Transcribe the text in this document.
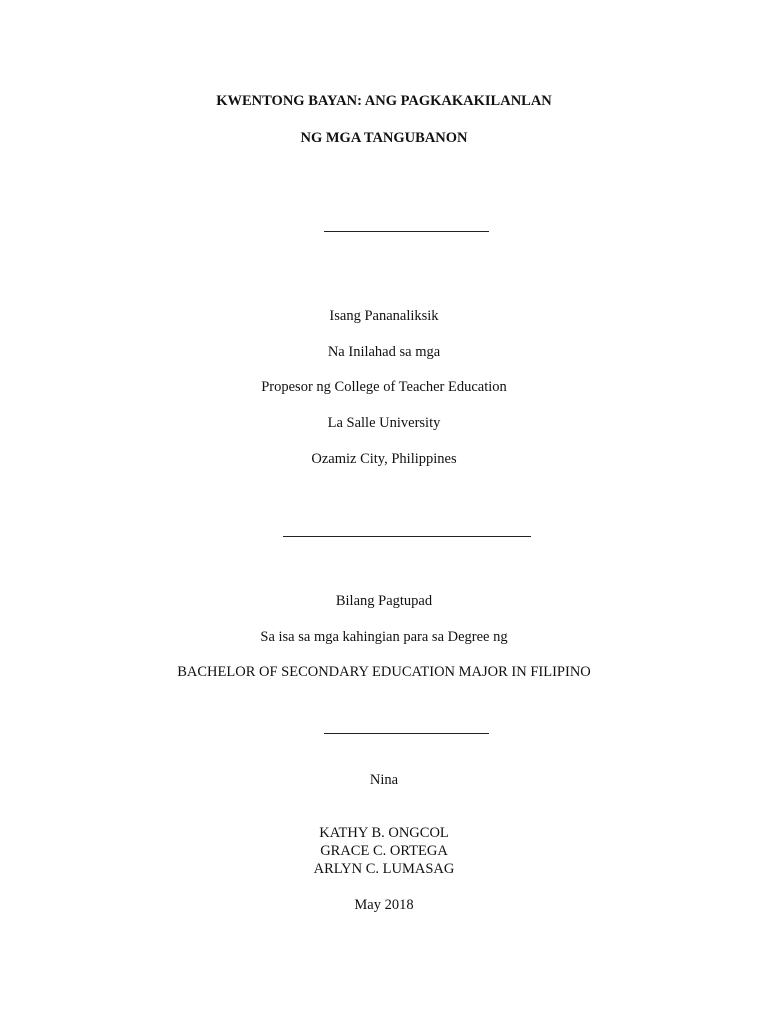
KWENTONG BAYAN: ANG PAGKAKAKILANLAN
NG MGA TANGUBANON
Isang Pananaliksik
Na Inilahad sa mga
Propesor ng College of Teacher Education
La Salle University
Ozamiz City, Philippines
Bilang Pagtupad
Sa isa sa mga kahingian para sa Degree ng
BACHELOR OF SECONDARY EDUCATION MAJOR IN FILIPINO
Nina
KATHY B. ONGCOL
GRACE C. ORTEGA
ARLYN C. LUMASAG
May 2018
